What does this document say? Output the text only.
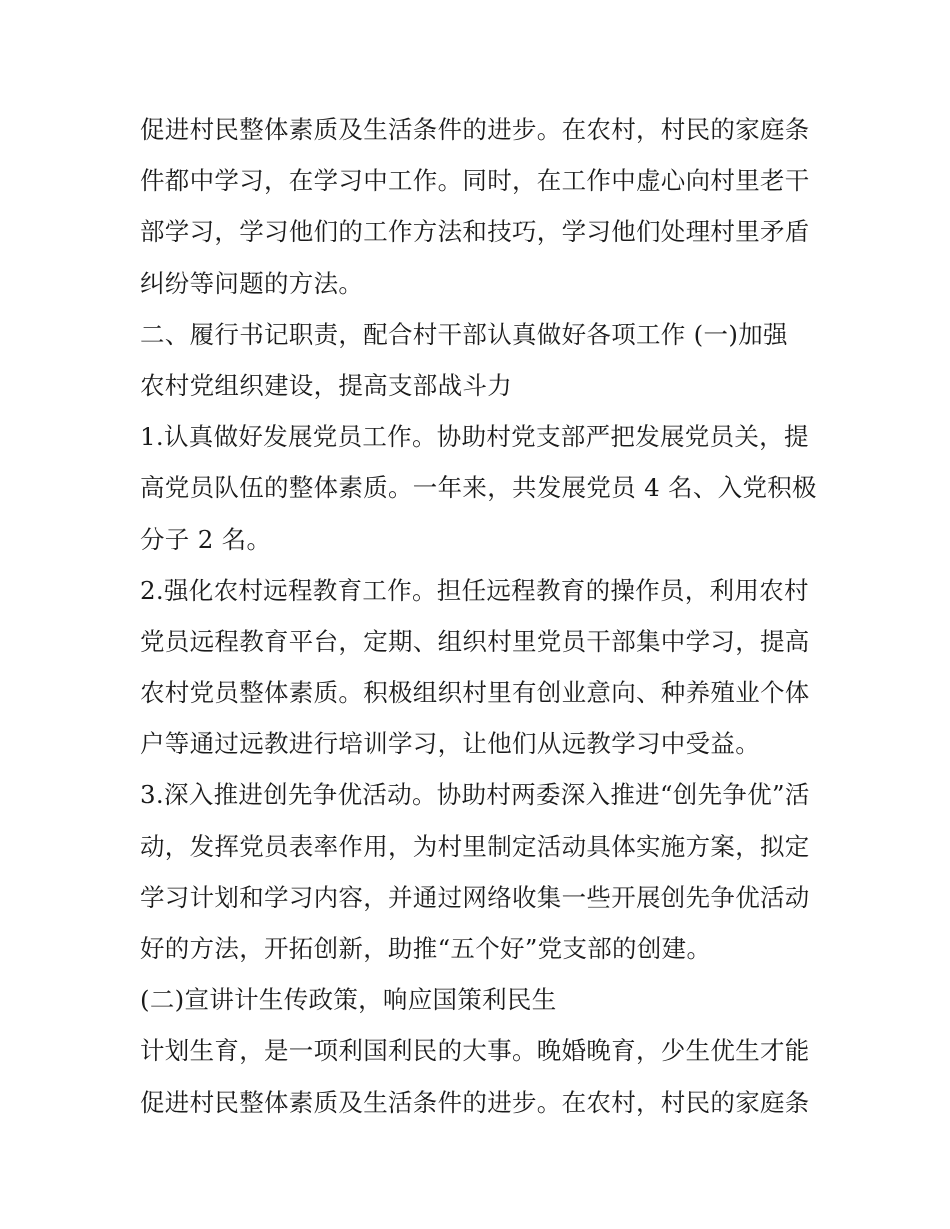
促进村民整体素质及生活条件的进步。在农村，村民的家庭条
件都中学习，在学习中工作。同时，在工作中虚心向村里老干
部学习，学习他们的工作方法和技巧，学习他们处理村里矛盾
纠纷等问题的方法。
二、履行书记职责，配合村干部认真做好各项工作 (一)加强
农村党组织建设，提高支部战斗力
1.认真做好发展党员工作。协助村党支部严把发展党员关，提
高党员队伍的整体素质。一年来，共发展党员 4 名、入党积极
分子 2 名。
2.强化农村远程教育工作。担任远程教育的操作员，利用农村
党员远程教育平台，定期、组织村里党员干部集中学习，提高
农村党员整体素质。积极组织村里有创业意向、种养殖业个体
户等通过远教进行培训学习，让他们从远教学习中受益。
3.深入推进创先争优活动。协助村两委深入推进“创先争优”活
动，发挥党员表率作用，为村里制定活动具体实施方案，拟定
学习计划和学习内容，并通过网络收集一些开展创先争优活动
好的方法，开拓创新，助推“五个好”党支部的创建。
(二)宣讲计生传政策，响应国策利民生
计划生育，是一项利国利民的大事。晚婚晚育，少生优生才能
促进村民整体素质及生活条件的进步。在农村，村民的家庭条
